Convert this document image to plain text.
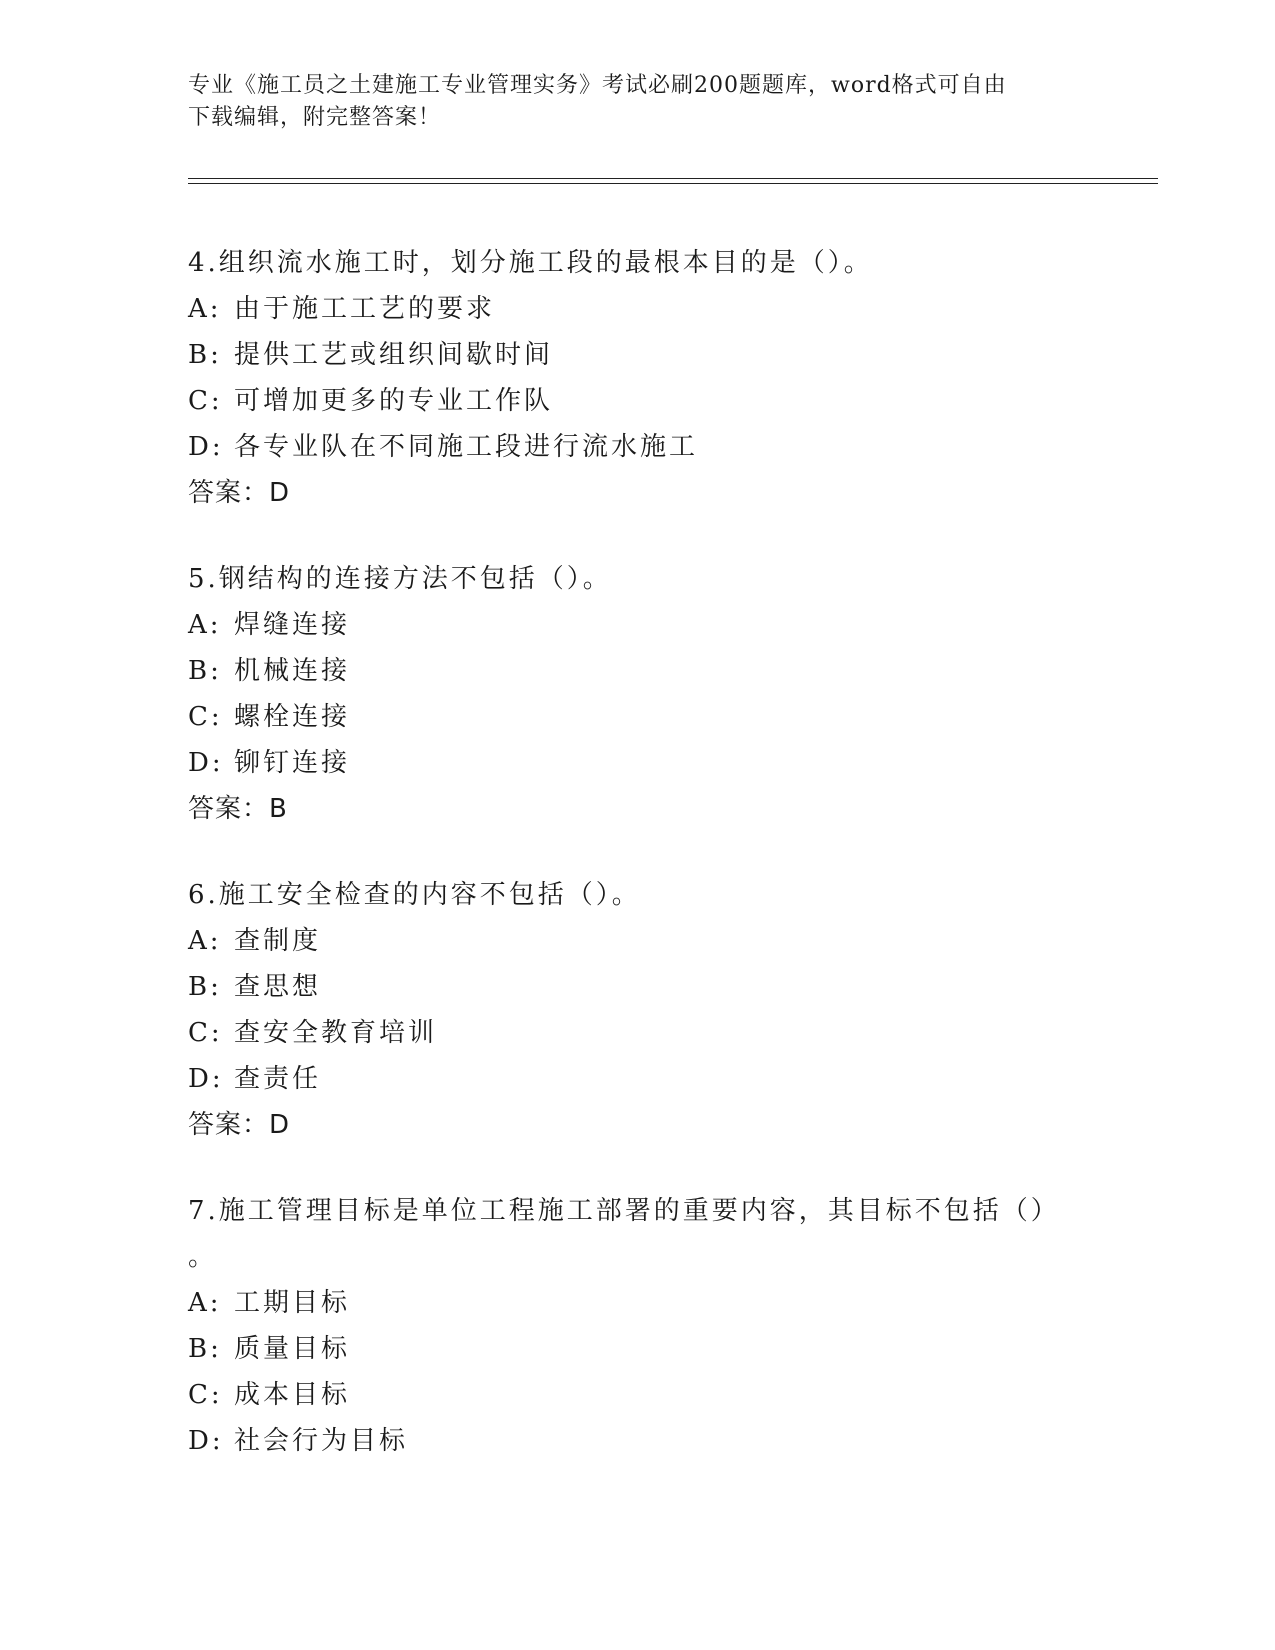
专业《施工员之土建施工专业管理实务》考试必刷200题题库，word格式可自由
下载编辑，附完整答案！
4.组织流水施工时，划分施工段的最根本目的是（）。
A: 由于施工工艺的要求
B: 提供工艺或组织间歇时间
C: 可增加更多的专业工作队
D: 各专业队在不同施工段进行流水施工
答案：D
5.钢结构的连接方法不包括（）。
A: 焊缝连接
B: 机械连接
C: 螺栓连接
D: 铆钉连接
答案：B
6.施工安全检查的内容不包括（）。
A: 查制度
B: 查思想
C: 查安全教育培训
D: 查责任
答案：D
7.施工管理目标是单位工程施工部署的重要内容，其目标不包括（）
。
A: 工期目标
B: 质量目标
C: 成本目标
D: 社会行为目标
